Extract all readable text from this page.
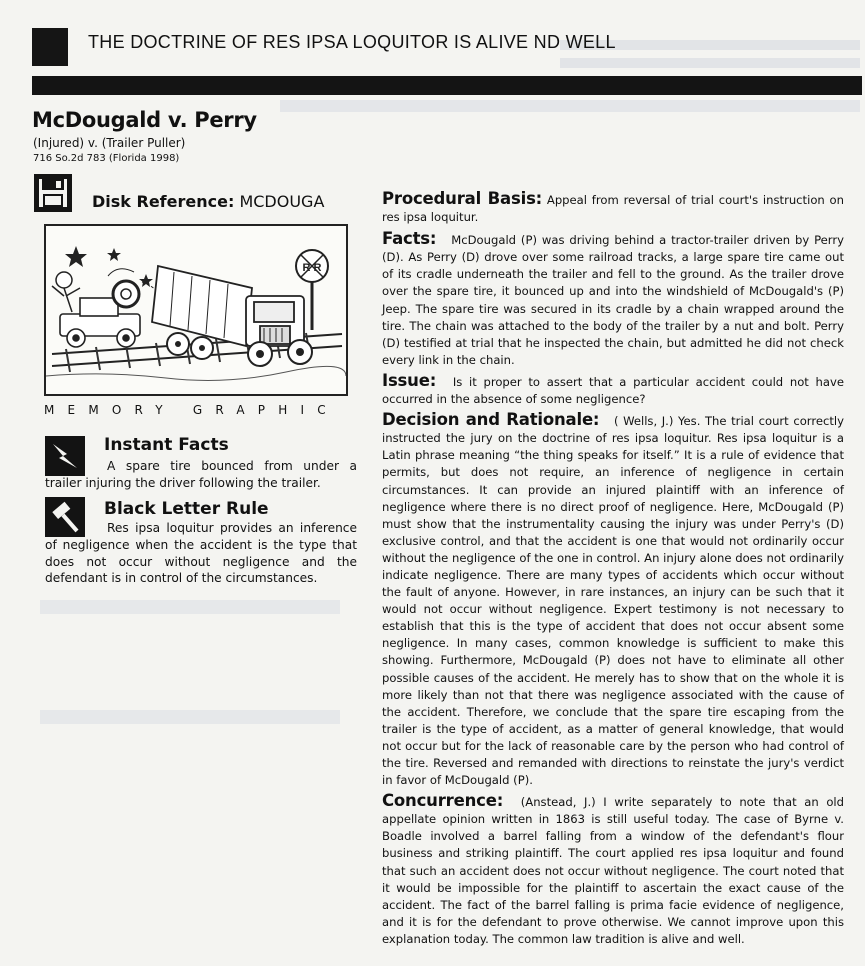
THE DOCTRINE OF RES IPSA LOQUITOR IS ALIVE ND WELL
McDougald v. Perry
(Injured) v. (Trailer Puller)
716 So.2d 783 (Florida 1998)
Disk Reference: MCDOUGA
R R
MEMORY GRAPHIC
Instant Facts
A spare tire bounced from under a trailer injuring the driver following the trailer.
Black Letter Rule
Res ipsa loquitur provides an inference of negligence when the accident is the type that does not occur without negligence and the defendant is in control of the circumstances.

Procedural Basis: Appeal from reversal of trial court's instruction on res ipsa loquitur.

Facts: McDougald (P) was driving behind a tractor-trailer driven by Perry (D). As Perry (D) drove over some railroad tracks, a large spare tire came out of its cradle underneath the trailer and fell to the ground. As the trailer drove over the spare tire, it bounced up and into the windshield of McDougald's (P) Jeep. The spare tire was secured in its cradle by a chain wrapped around the tire. The chain was attached to the body of the trailer by a nut and bolt. Perry (D) testified at trial that he inspected the chain, but admitted he did not check every link in the chain.

Issue: Is it proper to assert that a particular accident could not have occurred in the absence of some negligence?

Decision and Rationale: ( Wells, J.) Yes. The trial court correctly instructed the jury on the doctrine of res ipsa loquitur. Res ipsa loquitur is a Latin phrase meaning “the thing speaks for itself.” It is a rule of evidence that permits, but does not require, an inference of negligence in certain circumstances. It can provide an injured plaintiff with an inference of negligence where there is no direct proof of negligence. Here, McDougald (P) must show that the instrumentality causing the injury was under Perry's (D) exclusive control, and that the accident is one that would not ordinarily occur without the negligence of the one in control. An injury alone does not ordinarily indicate negligence. There are many types of accidents which occur without the fault of anyone. However, in rare instances, an injury can be such that it would not occur without negligence. Expert testimony is not necessary to establish that this is the type of accident that does not occur absent some negligence. In many cases, common knowledge is sufficient to make this showing. Furthermore, McDougald (P) does not have to eliminate all other possible causes of the accident. He merely has to show that on the whole it is more likely than not that there was negligence associated with the cause of the accident. Therefore, we conclude that the spare tire escaping from the trailer is the type of accident, as a matter of general knowledge, that would not occur but for the lack of reasonable care by the person who had control of the tire. Reversed and remanded with directions to reinstate the jury's verdict in favor of McDougald (P).

Concurrence: (Anstead, J.) I write separately to note that an old appellate opinion written in 1863 is still useful today. The case of Byrne v. Boadle involved a barrel falling from a window of the defendant's flour business and striking plaintiff. The court applied res ipsa loquitur and found that such an accident does not occur without negligence. The court noted that it would be impossible for the plaintiff to ascertain the exact cause of the accident. The fact of the barrel falling is prima facie evidence of negligence, and it is for the defendant to prove otherwise. We cannot improve upon this explanation today. The common law tradition is alive and well.
